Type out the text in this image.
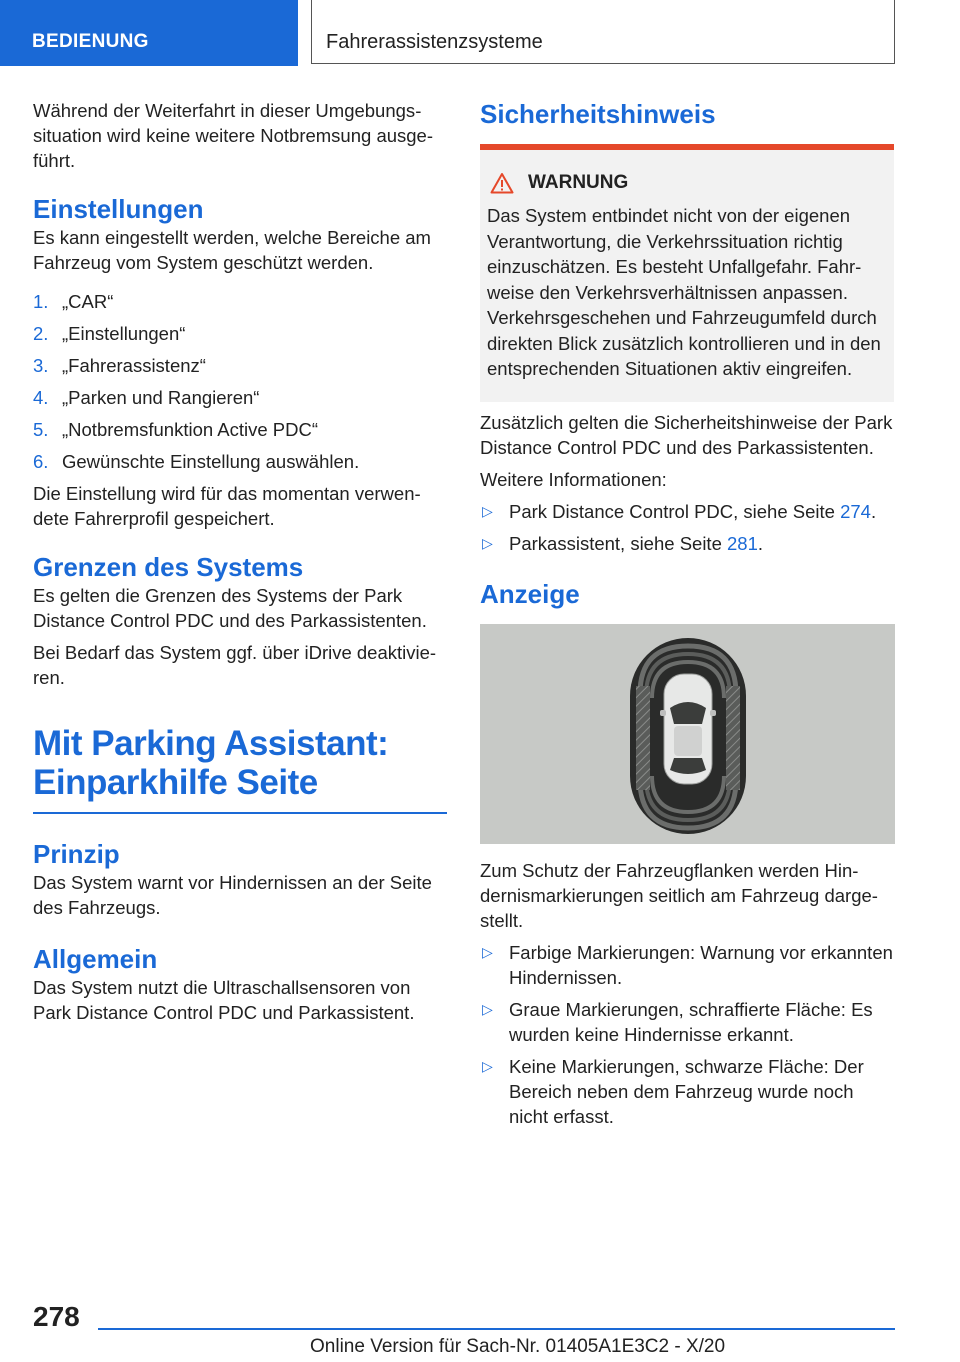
BEDIENUNG	Fahrerassistenzsysteme

Während der Weiterfahrt in dieser Umgebungssituation wird keine weitere Notbremsung ausgeführt.

Einstellungen

Es kann eingestellt werden, welche Bereiche am Fahrzeug vom System geschützt werden.

1. „CAR“
2. „Einstellungen“
3. „Fahrerassistenz“
4. „Parken und Rangieren“
5. „Notbremsfunktion Active PDC“
6. Gewünschte Einstellung auswählen.

Die Einstellung wird für das momentan verwendete Fahrerprofil gespeichert.

Grenzen des Systems

Es gelten die Grenzen des Systems der Park Distance Control PDC und des Parkassistenten.

Bei Bedarf das System ggf. über iDrive deaktivieren.

Mit Parking Assistant: Einparkhilfe Seite
Prinzip

Das System warnt vor Hindernissen an der Seite des Fahrzeugs.

Allgemein

Das System nutzt die Ultraschallsensoren von Park Distance Control PDC und Parkassistent.

Sicherheitshinweis
WARNUNG
Das System entbindet nicht von der eigenen Verantwortung, die Verkehrssituation richtig einzuschätzen. Es besteht Unfallgefahr. Fahrweise den Verkehrsverhältnissen anpassen. Verkehrsgeschehen und Fahrzeugumfeld durch direkten Blick zusätzlich kontrollieren und in den entsprechenden Situationen aktiv eingreifen.

Zusätzlich gelten die Sicherheitshinweise der Park Distance Control PDC und des Parkassistenten.

Weitere Informationen:

▷ Park Distance Control PDC, siehe Seite 274.
▷ Parkassistent, siehe Seite 281.
Anzeige

Zum Schutz der Fahrzeugflanken werden Hindernismarkierungen seitlich am Fahrzeug dargestellt.

▷ Farbige Markierungen: Warnung vor erkannten Hindernissen.
▷ Graue Markierungen, schraffierte Fläche: Es wurden keine Hindernisse erkannt.
▷ Keine Markierungen, schwarze Fläche: Der Bereich neben dem Fahrzeug wurde noch nicht erfasst.
278
Online Version für Sach-Nr. 01405A1E3C2 - X/20
